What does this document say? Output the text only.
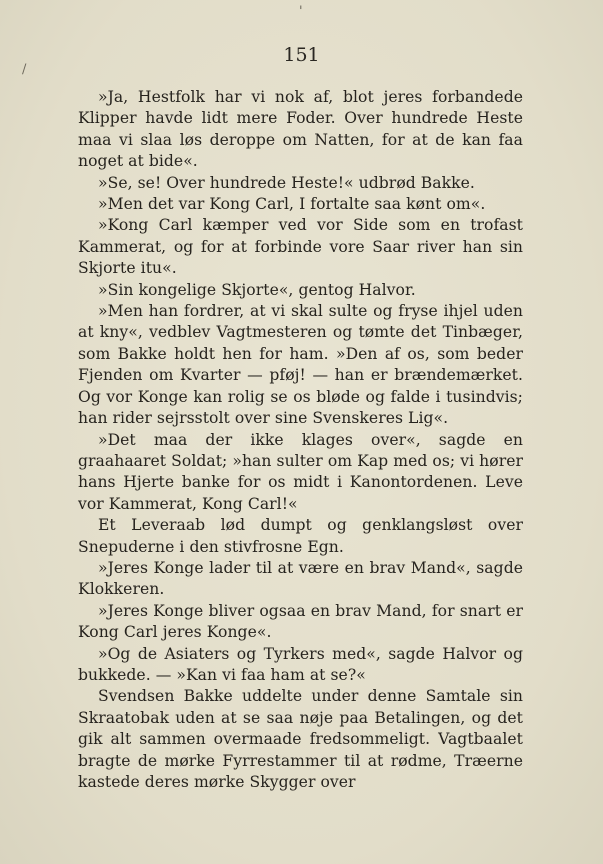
'
/
151

»Ja, Hestfolk har vi nok af, blot jeres forbandede Klipper havde lidt mere Foder. Over hundrede Heste maa vi slaa løs deroppe om Natten, for at de kan faa noget at bide«.

»Se, se! Over hundrede Heste!« udbrød Bakke.

»Men det var Kong Carl, I fortalte saa kønt om«.

»Kong Carl kæmper ved vor Side som en trofast Kammerat, og for at forbinde vore Saar river han sin Skjorte itu«.

»Sin kongelige Skjorte«, gentog Halvor.

»Men han fordrer, at vi skal sulte og fryse ihjel uden at kny«, vedblev Vagtmesteren og tømte det Tinbæger, som Bakke holdt hen for ham. »Den af os, som beder Fjenden om Kvarter — pføj! — han er brændemærket. Og vor Konge kan rolig se os bløde og falde i tusindvis; han rider sejrsstolt over sine Svenskeres Lig«.

»Det maa der ikke klages over«, sagde en graahaaret Soldat; »han sulter om Kap med os; vi hører hans Hjerte banke for os midt i Kanontordenen. Leve vor Kammerat, Kong Carl!«

Et Leveraab lød dumpt og genklangsløst over Snepuderne i den stivfrosne Egn.

»Jeres Konge lader til at være en brav Mand«, sagde Klokkeren.

»Jeres Konge bliver ogsaa en brav Mand, for snart er Kong Carl jeres Konge«.

»Og de Asiaters og Tyrkers med«, sagde Halvor og bukkede. — »Kan vi faa ham at se?«

Svendsen Bakke uddelte under denne Samtale sin Skraatobak uden at se saa nøje paa Betalingen, og det gik alt sammen overmaade fredsommeligt. Vagtbaalet bragte de mørke Fyrrestammer til at rødme, Træerne kastede deres mørke Skygger over
